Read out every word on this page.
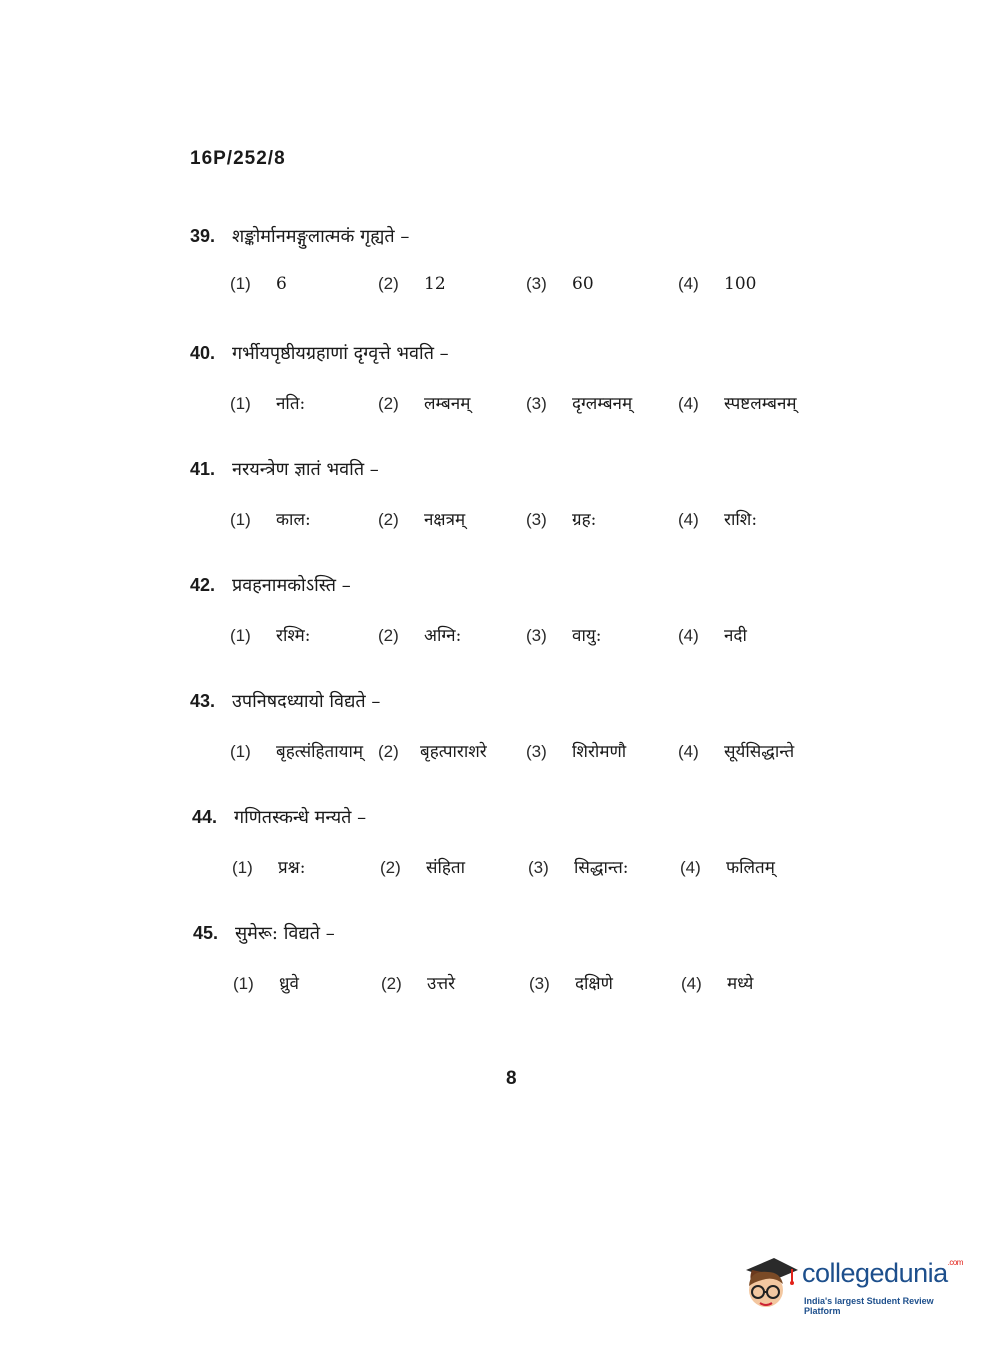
16P/252/8
39. शङ्कोर्मानमङ्गुलात्मकं गृह्यते –
(1)	6	(2)	12	(3)	60	(4)	100
40. गर्भीयपृष्ठीयग्रहाणां दृग्वृत्ते भवति –
(1)	नति:	(2)	लम्बनम्	(3)	दृग्लम्बनम्	(4)	स्पष्टलम्बनम्
41. नरयन्त्रेण ज्ञातं भवति –
(1)	काल:	(2)	नक्षत्रम्	(3)	ग्रह:	(4)	राशि:
42. प्रवहनामकोऽस्ति –
(1)	रश्मि:	(2)	अग्नि:	(3)	वायु:	(4)	नदी
43. उपनिषदध्यायो विद्यते –
(1)	बृहत्संहितायाम् (2)	बृहत्पाराशरे (3)	शिरोमणौ	(4)	सूर्यसिद्धान्ते
44. गणितस्कन्धे मन्यते –
(1)	प्रश्न:	(2)	संहिता	(3)	सिद्धान्त:	(4)	फलितम्
45. सुमेरू: विद्यते –
(1)	ध्रुवे	(2)	उत्तरे	(3)	दक्षिणे	(4)	मध्ये
8
collegedunia$^{.com}$
India's largest Student Review Platform
